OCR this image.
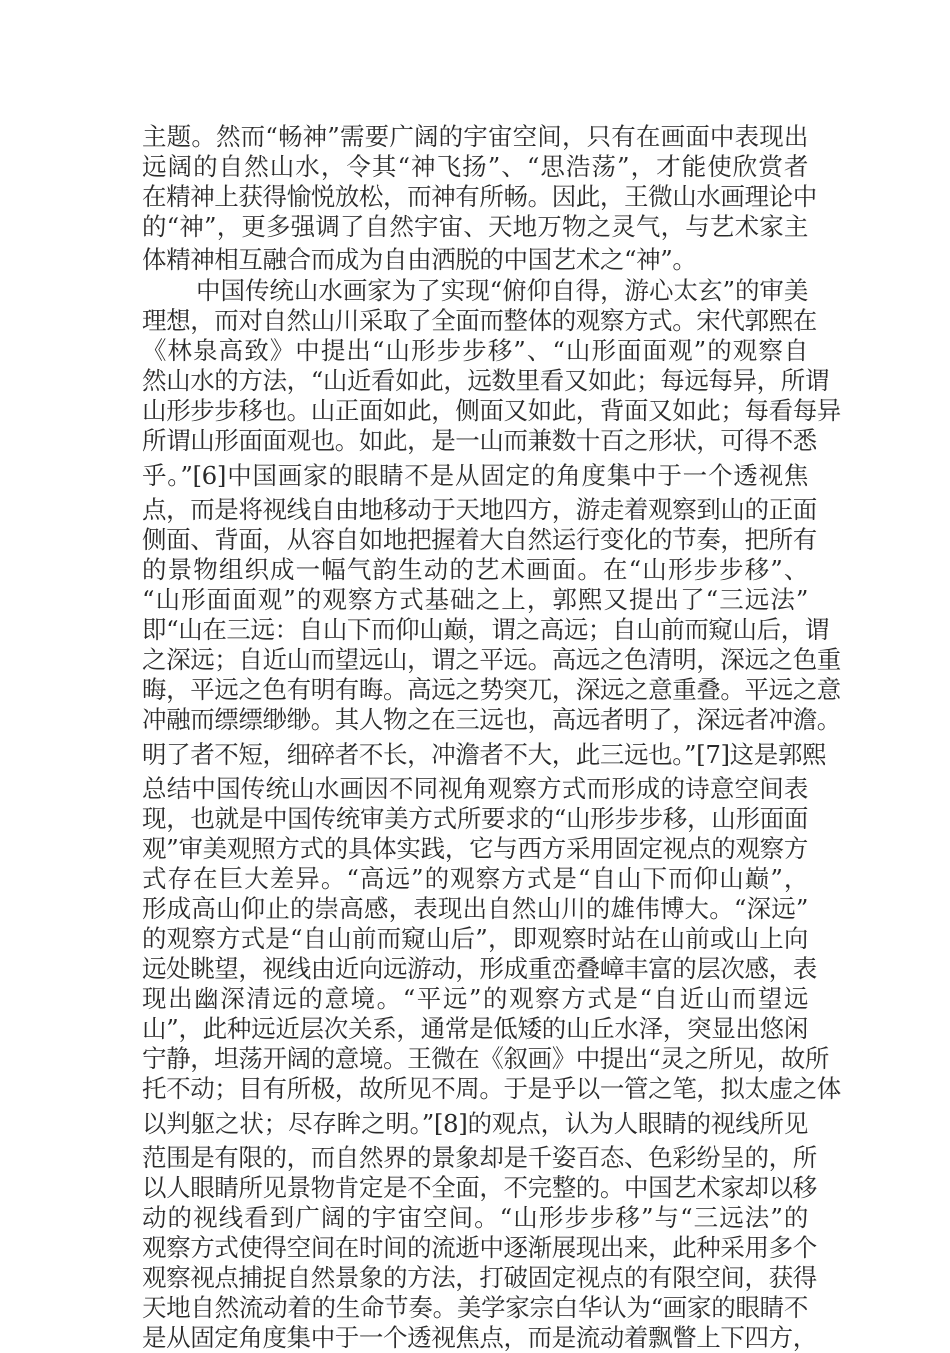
主题。然而“畅神”需要广阔的宇宙空间，只有在画面中表现出
远阔的自然山水，令其“神飞扬”、“思浩荡”，才能使欣赏者
在精神上获得愉悦放松，而神有所畅。因此，王微山水画理论中
的“神”，更多强调了自然宇宙、天地万物之灵气，与艺术家主
体精神相互融合而成为自由洒脱的中国艺术之“神”。
中国传统山水画家为了实现“俯仰自得，游心太玄”的审美
理想，而对自然山川采取了全面而整体的观察方式。宋代郭熙在
《林泉高致》中提出“山形步步移”、“山形面面观”的观察自
然山水的方法，“山近看如此，远数里看又如此；每远每异，所谓
山形步步移也。山正面如此，侧面又如此，背面又如此；每看每异
所谓山形面面观也。如此，是一山而兼数十百之形状，可得不悉
乎。”[6]中国画家的眼睛不是从固定的角度集中于一个透视焦
点，而是将视线自由地移动于天地四方，游走着观察到山的正面
侧面、背面，从容自如地把握着大自然运行变化的节奏，把所有
的景物组织成一幅气韵生动的艺术画面。在“山形步步移”、
“山形面面观”的观察方式基础之上，郭熙又提出了“三远法”
即“山在三远：自山下而仰山巅，谓之高远；自山前而窥山后，谓
之深远；自近山而望远山，谓之平远。高远之色清明，深远之色重
晦，平远之色有明有晦。高远之势突兀，深远之意重叠。平远之意
冲融而缥缥缈缈。其人物之在三远也，高远者明了，深远者冲澹。
明了者不短，细碎者不长，冲澹者不大，此三远也。”[7]这是郭熙
总结中国传统山水画因不同视角观察方式而形成的诗意空间表
现，也就是中国传统审美方式所要求的“山形步步移，山形面面
观”审美观照方式的具体实践，它与西方采用固定视点的观察方
式存在巨大差异。“高远”的观察方式是“自山下而仰山巅”，
形成高山仰止的崇高感，表现出自然山川的雄伟博大。“深远”
的观察方式是“自山前而窥山后”，即观察时站在山前或山上向
远处眺望，视线由近向远游动，形成重峦叠嶂丰富的层次感，表
现出幽深清远的意境。“平远”的观察方式是“自近山而望远
山”，此种远近层次关系，通常是低矮的山丘水泽，突显出悠闲
宁静，坦荡开阔的意境。王微在《叙画》中提出“灵之所见，故所
托不动；目有所极，故所见不周。于是乎以一管之笔，拟太虚之体
以判躯之状；尽存眸之明。”[8]的观点，认为人眼睛的视线所见
范围是有限的，而自然界的景象却是千姿百态、色彩纷呈的，所
以人眼睛所见景物肯定是不全面，不完整的。中国艺术家却以移
动的视线看到广阔的宇宙空间。“山形步步移”与“三远法”的
观察方式使得空间在时间的流逝中逐渐展现出来，此种采用多个
观察视点捕捉自然景象的方法，打破固定视点的有限空间，获得
天地自然流动着的生命节奏。美学家宗白华认为“画家的眼睛不
是从固定角度集中于一个透视焦点，而是流动着飘瞥上下四方，
